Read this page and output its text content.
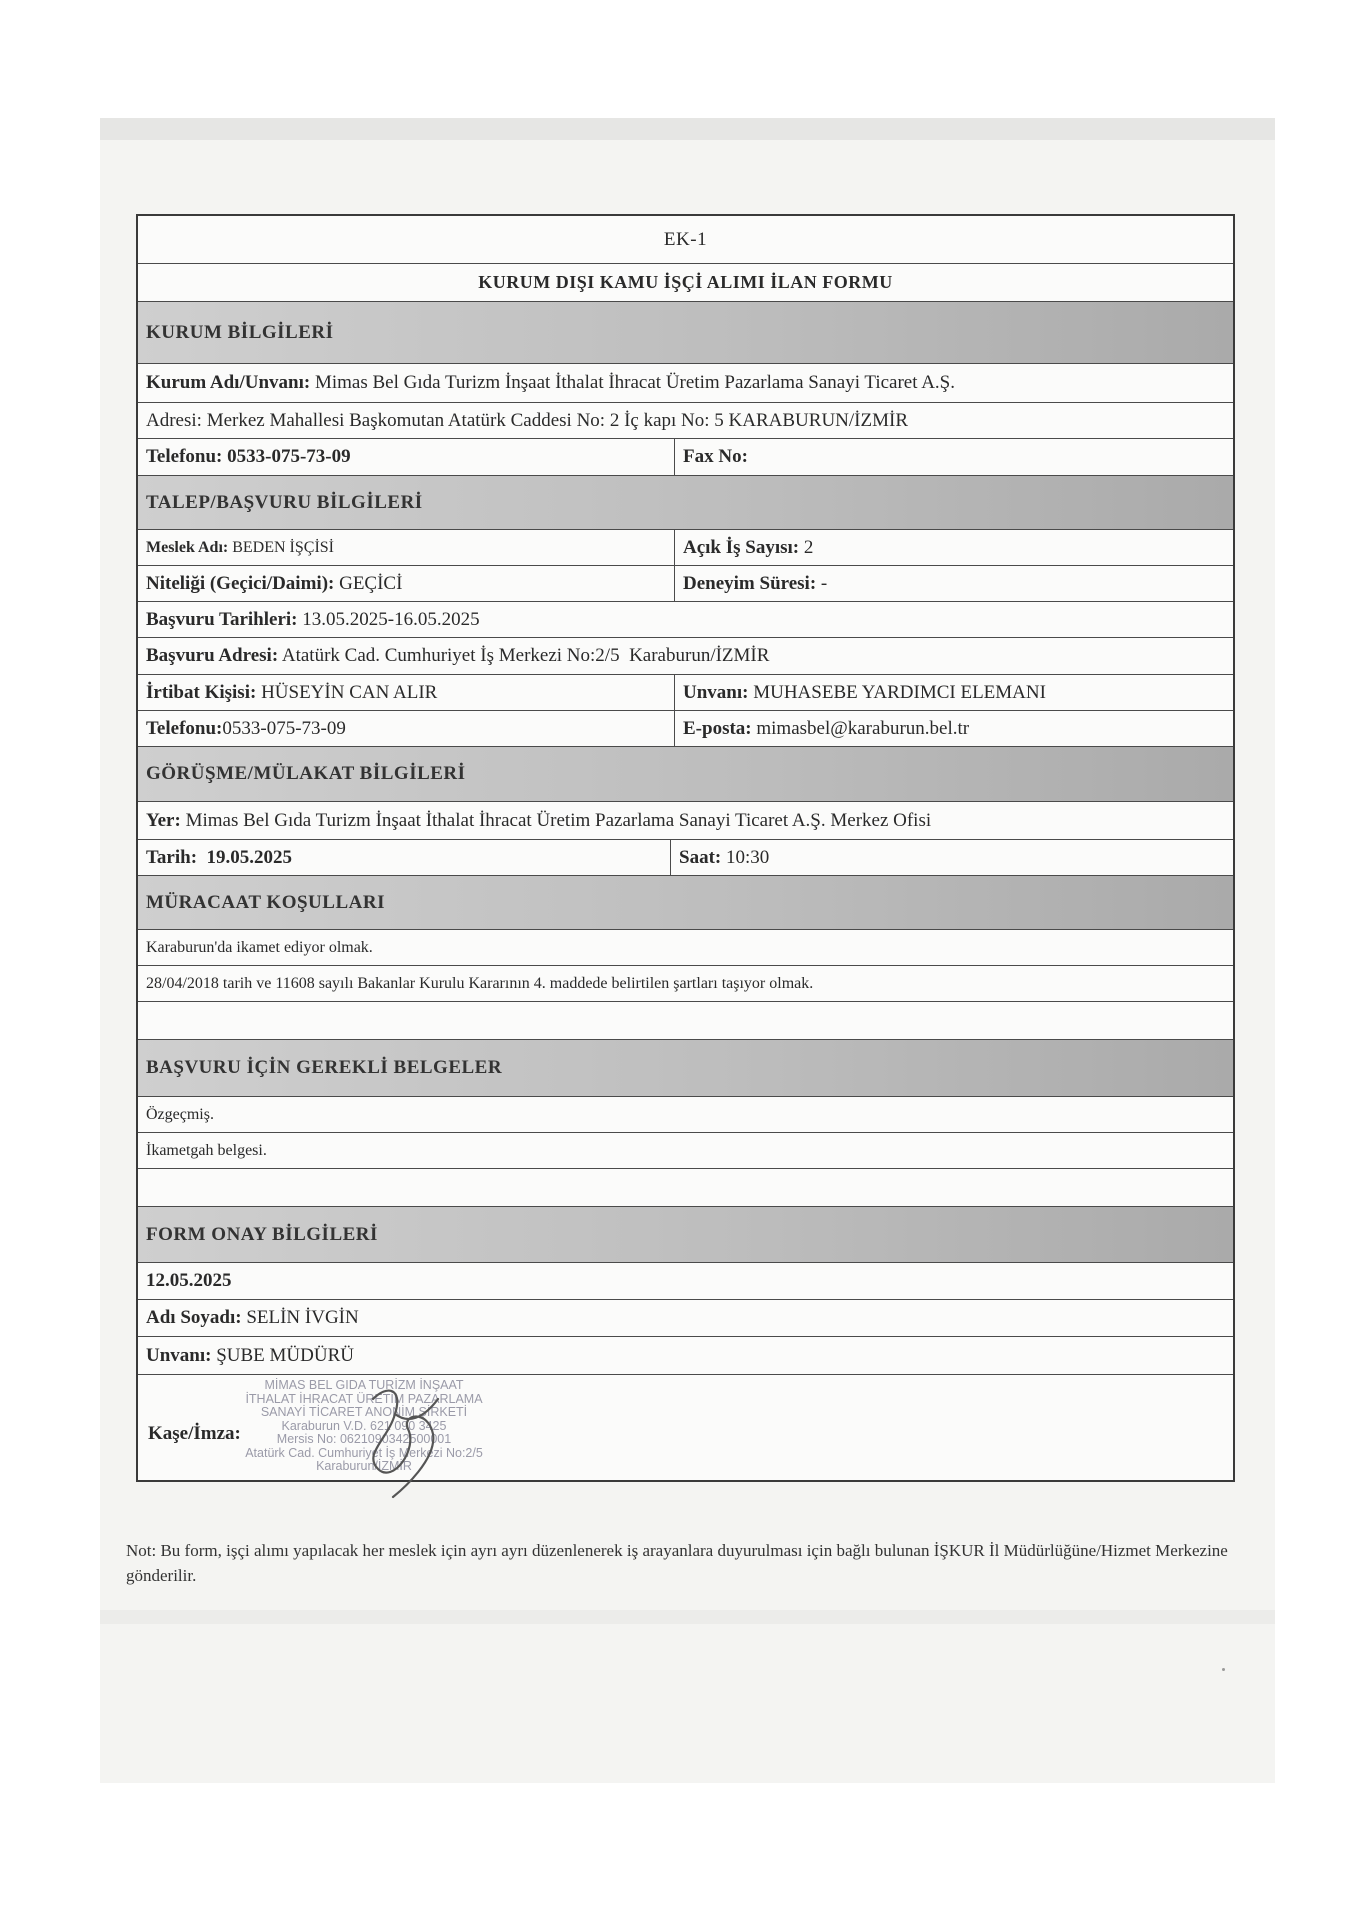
EK-1
KURUM DIŞI KAMU İŞÇİ ALIMI İLAN FORMU
KURUM BİLGİLERİ
Kurum Adı/Unvanı: Mimas Bel Gıda Turizm İnşaat İthalat İhracat Üretim Pazarlama Sanayi Ticaret A.Ş.
Adresi: Merkez Mahallesi Başkomutan Atatürk Caddesi No: 2 İç kapı No: 5 KARABURUN/İZMİR
Telefonu: 0533-075-73-09	Fax No:
TALEP/BAŞVURU BİLGİLERİ
Meslek Adı: BEDEN İŞÇİSİ	Açık İş Sayısı: 2
Niteliği (Geçici/Daimi): GEÇİCİ	Deneyim Süresi: -
Başvuru Tarihleri: 13.05.2025-16.05.2025
Başvuru Adresi: Atatürk Cad. Cumhuriyet İş Merkezi No:2/5  Karaburun/İZMİR
İrtibat Kişisi: HÜSEYİN CAN ALIR	Unvanı: MUHASEBE YARDIMCI ELEMANI
Telefonu: 0533-075-73-09	E-posta: mimasbel@karaburun.bel.tr
GÖRÜŞME/MÜLAKAT BİLGİLERİ
Yer: Mimas Bel Gıda Turizm İnşaat İthalat İhracat Üretim Pazarlama Sanayi Ticaret A.Ş. Merkez Ofisi
Tarih: 19.05.2025	Saat: 10:30
MÜRACAAT KOŞULLARI
Karaburun'da ikamet ediyor olmak.
28/04/2018 tarih ve 11608 sayılı Bakanlar Kurulu Kararının 4. maddede belirtilen şartları taşıyor olmak.
BAŞVURU İÇİN GEREKLİ BELGELER
Özgeçmiş.
İkametgah belgesi.
FORM ONAY BİLGİLERİ
12.05.2025
Adı Soyadı: SELİN İVGİN
Unvanı: ŞUBE MÜDÜRÜ
MİMAS BEL GIDA TURİZM İNŞAAT
İTHALAT İHRACAT ÜRETİM PAZARLAMA
SANAYİ TİCARET ANONİM ŞİRKETİ
Karaburun V.D. 621 090 3425
Mersis No: 0621090342500001
Atatürk Cad. Cumhuriyet İş Merkezi No:2/5
Karaburun/İZMİR
Kaşe/İmza:
Not: Bu form, işçi alımı yapılacak her meslek için ayrı ayrı düzenlenerek iş arayanlara duyurulması için bağlı bulunan İŞKUR İl Müdürlüğüne/Hizmet Merkezine gönderilir.
